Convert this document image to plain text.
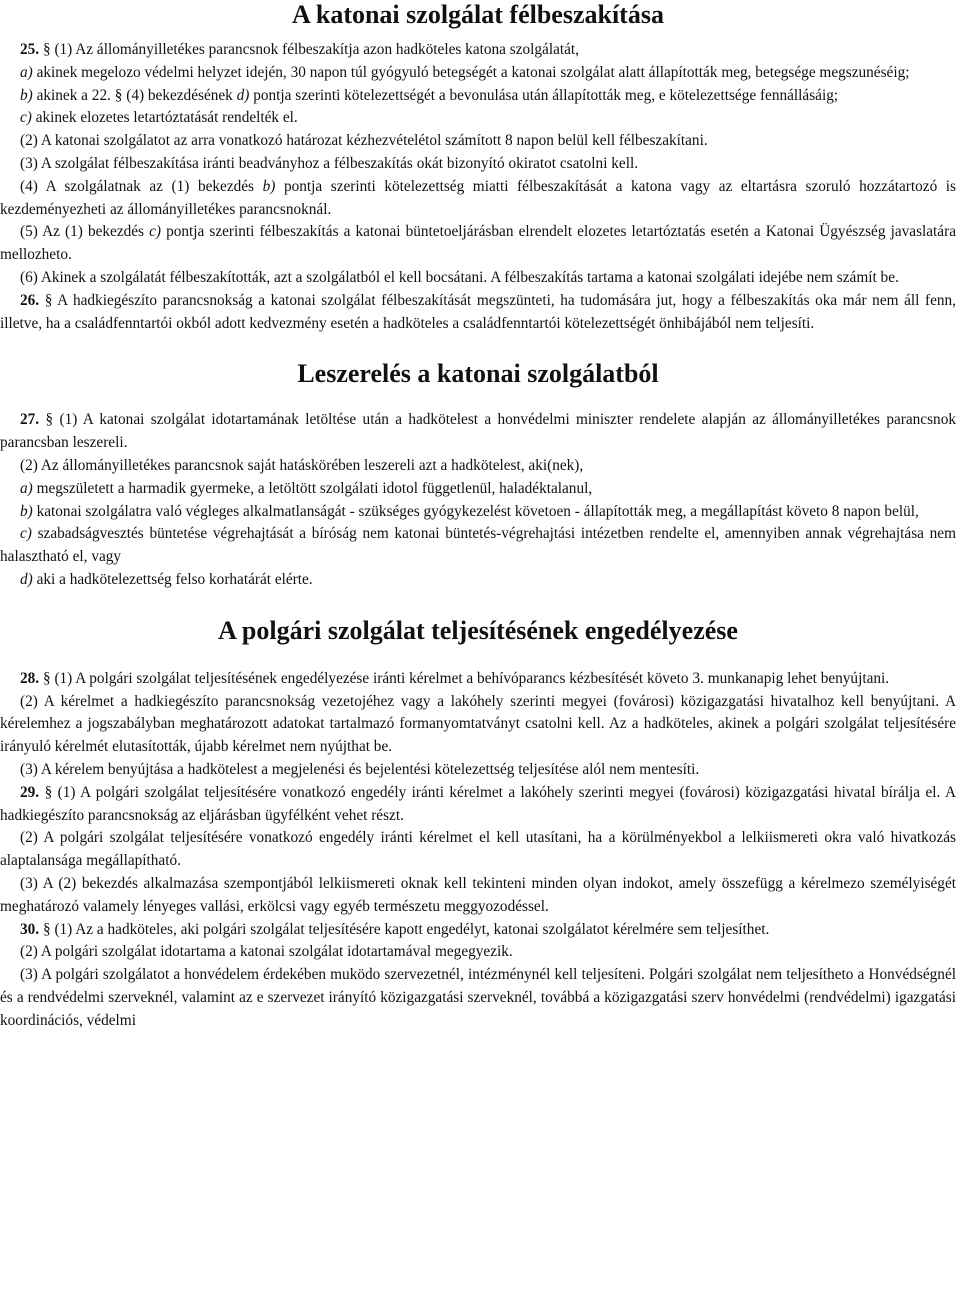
A katonai szolgálat félbeszakítása

25. § (1) Az állományilletékes parancsnok félbeszakítja azon hadköteles katona szolgálatát,

a) akinek megelozo védelmi helyzet idején, 30 napon túl gyógyuló betegségét a katonai szolgálat alatt állapították meg, betegsége megszunéséig;

b) akinek a 22. § (4) bekezdésének d) pontja szerinti kötelezettségét a bevonulása után állapították meg, e kötelezettsége fennállásáig;

c) akinek elozetes letartóztatását rendelték el.

(2) A katonai szolgálatot az arra vonatkozó határozat kézhezvételétol számított 8 napon belül kell félbeszakítani.

(3) A szolgálat félbeszakítása iránti beadványhoz a félbeszakítás okát bizonyító okiratot csatolni kell.

(4) A szolgálatnak az (1) bekezdés b) pontja szerinti kötelezettség miatti félbeszakítását a katona vagy az eltartásra szoruló hozzátartozó is kezdeményezheti az állományilletékes parancsnoknál.

(5) Az (1) bekezdés c) pontja szerinti félbeszakítás a katonai büntetoeljárásban elrendelt elozetes letartóztatás esetén a Katonai Ügyészség javaslatára mellozheto.

(6) Akinek a szolgálatát félbeszakították, azt a szolgálatból el kell bocsátani. A félbeszakítás tartama a katonai szolgálati idejébe nem számít be.

26. § A hadkiegészíto parancsnokság a katonai szolgálat félbeszakítását megszünteti, ha tudomására jut, hogy a félbeszakítás oka már nem áll fenn, illetve, ha a családfenntartói okból adott kedvezmény esetén a hadköteles a családfenntartói kötelezettségét önhibájából nem teljesíti.

Leszerelés a katonai szolgálatból

27. § (1) A katonai szolgálat idotartamának letöltése után a hadkötelest a honvédelmi miniszter rendelete alapján az állományilletékes parancsnok parancsban leszereli.

(2) Az állományilletékes parancsnok saját hatáskörében leszereli azt a hadkötelest, aki(nek),

a) megszületett a harmadik gyermeke, a letöltött szolgálati idotol függetlenül, haladéktalanul,

b) katonai szolgálatra való végleges alkalmatlanságát - szükséges gyógykezelést követoen - állapították meg, a megállapítást követo 8 napon belül,

c) szabadságvesztés büntetése végrehajtását a bíróság nem katonai büntetés-végrehajtási intézetben rendelte el, amennyiben annak végrehajtása nem halasztható el, vagy

d) aki a hadkötelezettség felso korhatárát elérte.

A polgári szolgálat teljesítésének engedélyezése

28. § (1) A polgári szolgálat teljesítésének engedélyezése iránti kérelmet a behívóparancs kézbesítését követo 3. munkanapig lehet benyújtani.

(2) A kérelmet a hadkiegészíto parancsnokság vezetojéhez vagy a lakóhely szerinti megyei (fovárosi) közigazgatási hivatalhoz kell benyújtani. A kérelemhez a jogszabályban meghatározott adatokat tartalmazó formanyomtatványt csatolni kell. Az a hadköteles, akinek a polgári szolgálat teljesítésére irányuló kérelmét elutasították, újabb kérelmet nem nyújthat be.

(3) A kérelem benyújtása a hadkötelest a megjelenési és bejelentési kötelezettség teljesítése alól nem mentesíti.

29. § (1) A polgári szolgálat teljesítésére vonatkozó engedély iránti kérelmet a lakóhely szerinti megyei (fovárosi) közigazgatási hivatal bírálja el. A hadkiegészíto parancsnokság az eljárásban ügyfélként vehet részt.

(2) A polgári szolgálat teljesítésére vonatkozó engedély iránti kérelmet el kell utasítani, ha a körülményekbol a lelkiismereti okra való hivatkozás alaptalansága megállapítható.

(3) A (2) bekezdés alkalmazása szempontjából lelkiismereti oknak kell tekinteni minden olyan indokot, amely összefügg a kérelmezo személyiségét meghatározó valamely lényeges vallási, erkölcsi vagy egyéb természetu meggyozodéssel.

30. § (1) Az a hadköteles, aki polgári szolgálat teljesítésére kapott engedélyt, katonai szolgálatot kérelmére sem teljesíthet.

(2) A polgári szolgálat idotartama a katonai szolgálat idotartamával megegyezik.

(3) A polgári szolgálatot a honvédelem érdekében muködo szervezetnél, intézménynél kell teljesíteni. Polgári szolgálat nem teljesítheto a Honvédségnél és a rendvédelmi szerveknél, valamint az e szervezet irányító közigazgatási szerveknél, továbbá a közigazgatási szerv honvédelmi (rendvédelmi) igazgatási koordinációs, védelmi
